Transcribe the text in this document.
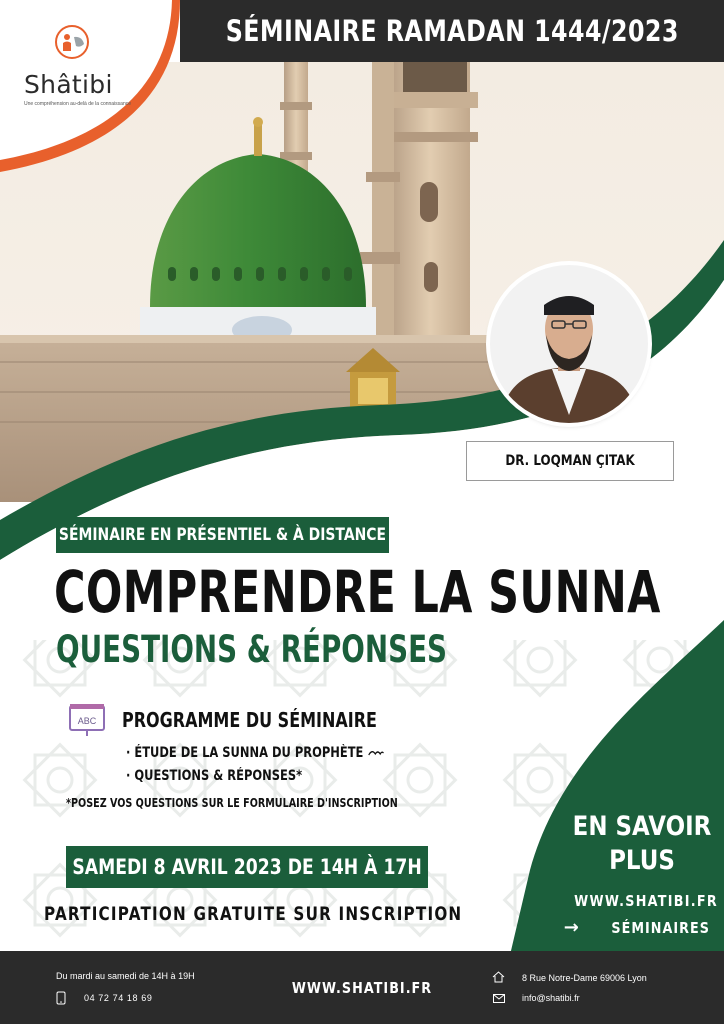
Shâtibi
Une compréhension au-delà de la connaissance
SÉMINAIRE RAMADAN 1444/2023
DR. LOQMAN ÇITAK
SÉMINAIRE EN PRÉSENTIEL & À DISTANCE
COMPRENDRE LA SUNNA
QUESTIONS & RÉPONSES
ABC PROGRAMME DU SÉMINAIRE
· ÉTUDE DE LA SUNNA DU PROPHÈTE
· QUESTIONS & RÉPONSES*
*POSEZ VOS QUESTIONS SUR LE FORMULAIRE D'INSCRIPTION
SAMEDI 8 AVRIL 2023 DE 14H À 17H
PARTICIPATION GRATUITE SUR INSCRIPTION
EN SAVOIR
PLUS
WWW.SHATIBI.FR
→ SÉMINAIRES
Du mardi au samedi de 14H à 19H
04 72 74 18 69
WWW.SHATIBI.FR
8 Rue Notre-Dame 69006 Lyon
info@shatibi.fr
